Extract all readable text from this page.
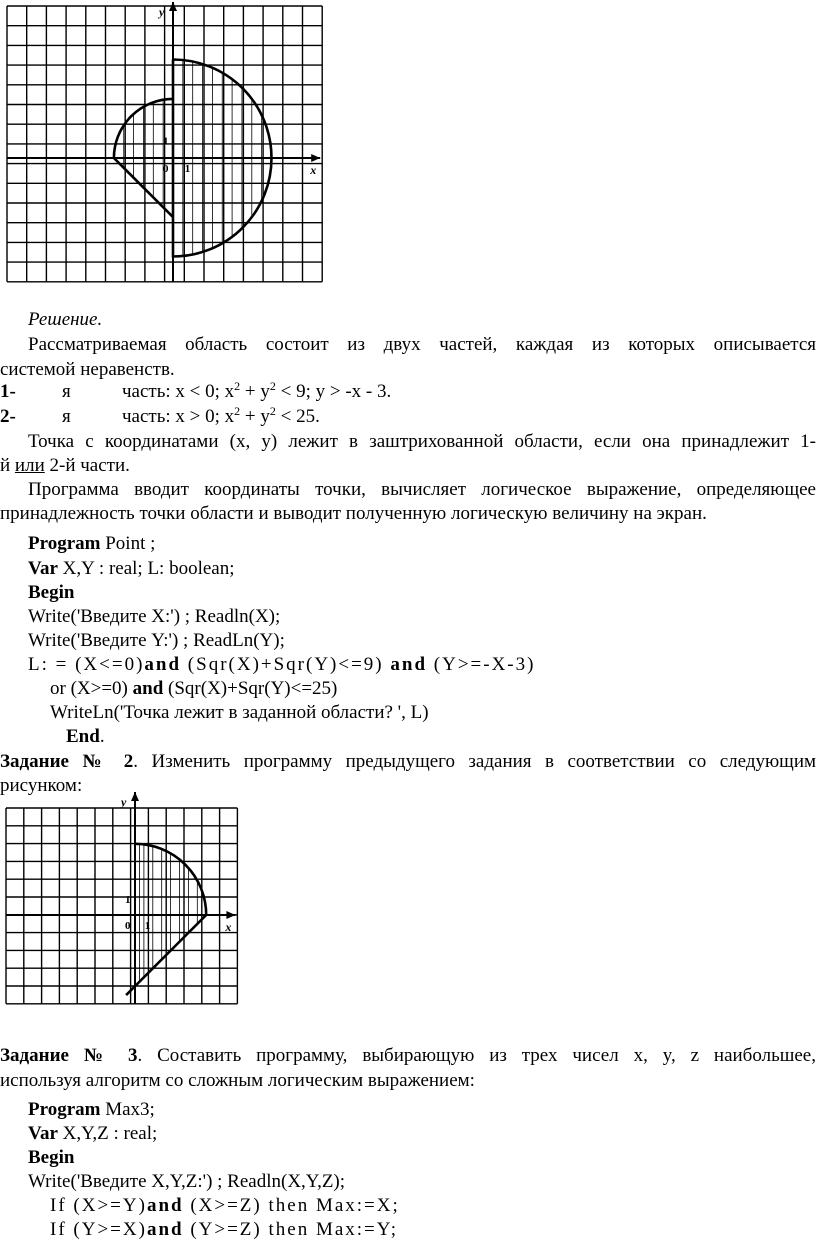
y
x
0 1
1
Решение.
Рассматриваемая область состоит из двух частей, каждая из которых описывается
системой неравенств.
1- я	часть: x < 0; $x^2 + y^2 < 9$; y > -x - 3.
2- я	часть: x > 0; $x^2 + y^2 < 25$.
Точка с координатами (x, y) лежит в заштрихованной области, если она принадлежит 1-
й или 2-й части.
Программа вводит координаты точки, вычисляет логическое выражение, определяющее
принадлежность точки области и выводит полученную логическую величину на экран.
Program Point ;
Var X,Y : real; L: boolean;
Begin
Write('Введите X:') ; Readln(X);
Write('Введите Y:') ; ReadLn(Y);
L: = (X<=0)and (Sqr(X)+Sqr(Y)<=9) and (Y>=-X-3)
or (X>=0) and (Sqr(X)+Sqr(Y)<=25)
WriteLn('Точка лежит в заданной области? ', L)
End.
Задание № 2. Изменить программу предыдущего задания в соответствии со следующим
рисунком:
y
x
0 1
1
Задание № 3. Составить программу, выбирающую из трех чисел x, y, z наибольшее,
используя алгоритм со сложным логическим выражением:
Program Max3;
Var X,Y,Z : real;
Begin
Write('Введите X,Y,Z:') ; Readln(X,Y,Z);
If (X>=Y)and (X>=Z) then Max:=X;
If (Y>=X)and (Y>=Z) then Max:=Y;
